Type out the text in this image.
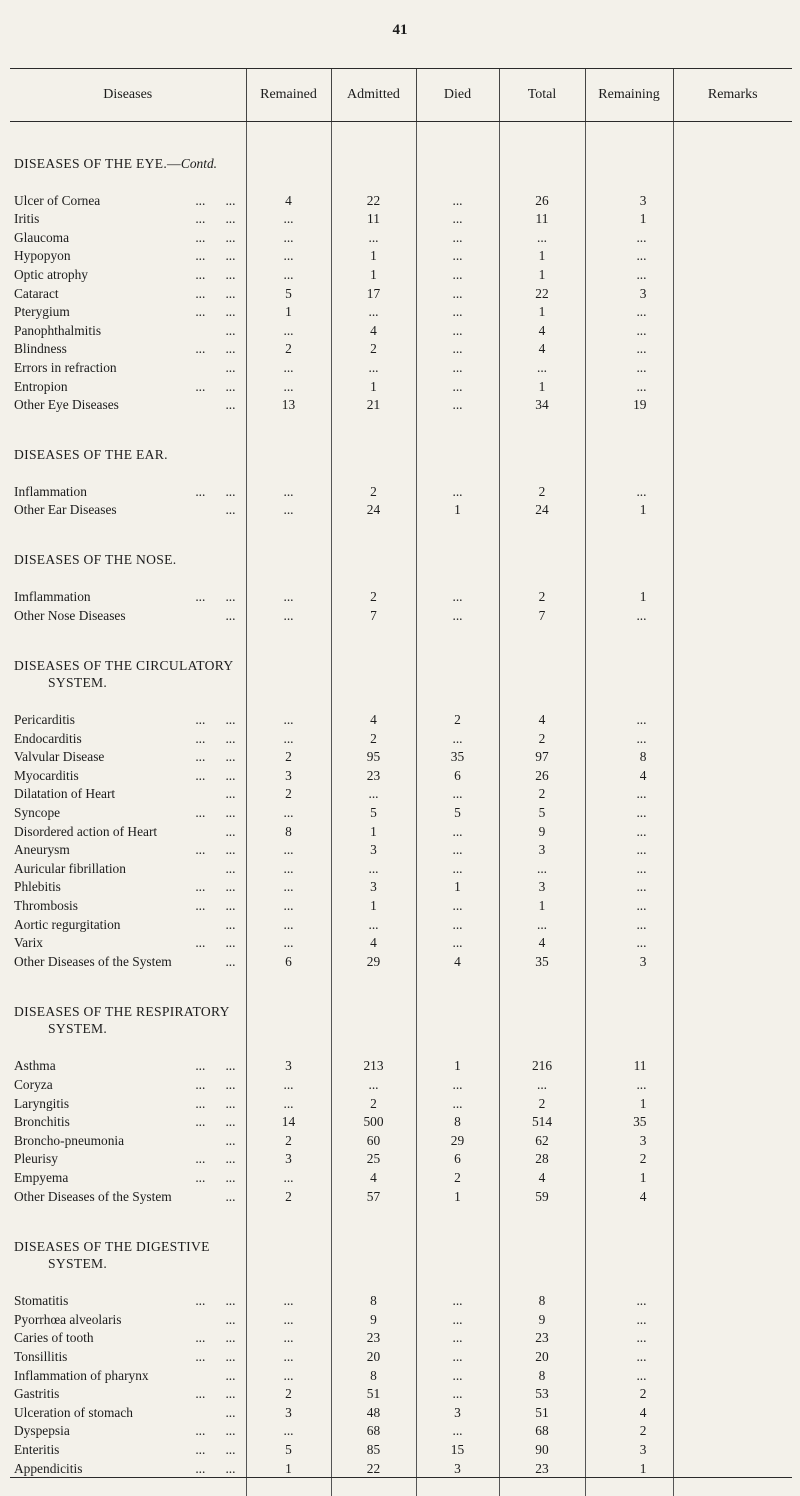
41
Diseases	Remained	Admitted	Died	Total	Remaining	Remarks

DISEASES OF THE EYE.—Contd.						

Ulcer of Cornea ...      ...	4	22	...	26	3	
Iritis ...      ...	...	11	...	11	1	
Glaucoma ...      ...	...	...	...	...	...	
Hypopyon ...      ...	...	1	...	1	...	
Optic atrophy ...      ...	...	1	...	1	...	
Cataract ...      ...	5	17	...	22	3	
Pterygium ...      ...	1	...	...	1	...	
Panophthalmitis ...	...	4	...	4	...	
Blindness ...      ...	2	2	...	4	...	
Errors in refraction ...	...	...	...	...	...	
Entropion ...      ...	...	1	...	1	...	
Other Eye Diseases ...	13	21	...	34	19	

DISEASES OF THE EAR.						

Inflammation ...      ...	...	2	...	2	...	
Other Ear Diseases ...	...	24	1	24	1	

DISEASES OF THE NOSE.						

Imflammation ...      ...	...	2	...	2	1	
Other Nose Diseases ...	...	7	...	7	...	

DISEASES OF THE CIRCULATORY
SYSTEM.						

Pericarditis ...      ...	...	4	2	4	...	
Endocarditis ...      ...	...	2	...	2	...	
Valvular Disease ...      ...	2	95	35	97	8	
Myocarditis ...      ...	3	23	6	26	4	
Dilatation of Heart ...	2	...	...	2	...	
Syncope ...      ...	...	5	5	5	...	
Disordered action of Heart ...	8	1	...	9	...	
Aneurysm ...      ...	...	3	...	3	...	
Auricular fibrillation ...	...	...	...	...	...	
Phlebitis ...      ...	...	3	1	3	...	
Thrombosis ...      ...	...	1	...	1	...	
Aortic regurgitation ...	...	...	...	...	...	
Varix ...      ...	...	4	...	4	...	
Other Diseases of the System ...	6	29	4	35	3	

DISEASES OF THE RESPIRATORY
SYSTEM.						

Asthma ...      ...	3	213	1	216	11	
Coryza ...      ...	...	...	...	...	...	
Laryngitis ...      ...	...	2	...	2	1	
Bronchitis ...      ...	14	500	8	514	35	
Broncho-pneumonia ...	2	60	29	62	3	
Pleurisy ...      ...	3	25	6	28	2	
Empyema ...      ...	...	4	2	4	1	
Other Diseases of the System ...	2	57	1	59	4	

DISEASES OF THE DIGESTIVE
SYSTEM.						

Stomatitis ...      ...	...	8	...	8	...	
Pyorrhœa alveolaris ...	...	9	...	9	...	
Caries of tooth ...      ...	...	23	...	23	...	
Tonsillitis ...      ...	...	20	...	20	...	
Inflammation of pharynx ...	...	8	...	8	...	
Gastritis ...      ...	2	51	...	53	2	
Ulceration of stomach ...	3	48	3	51	4	
Dyspepsia ...      ...	...	68	...	68	2	
Enteritis ...      ...	5	85	15	90	3	
Appendicitis ...      ...	1	22	3	23	1	
